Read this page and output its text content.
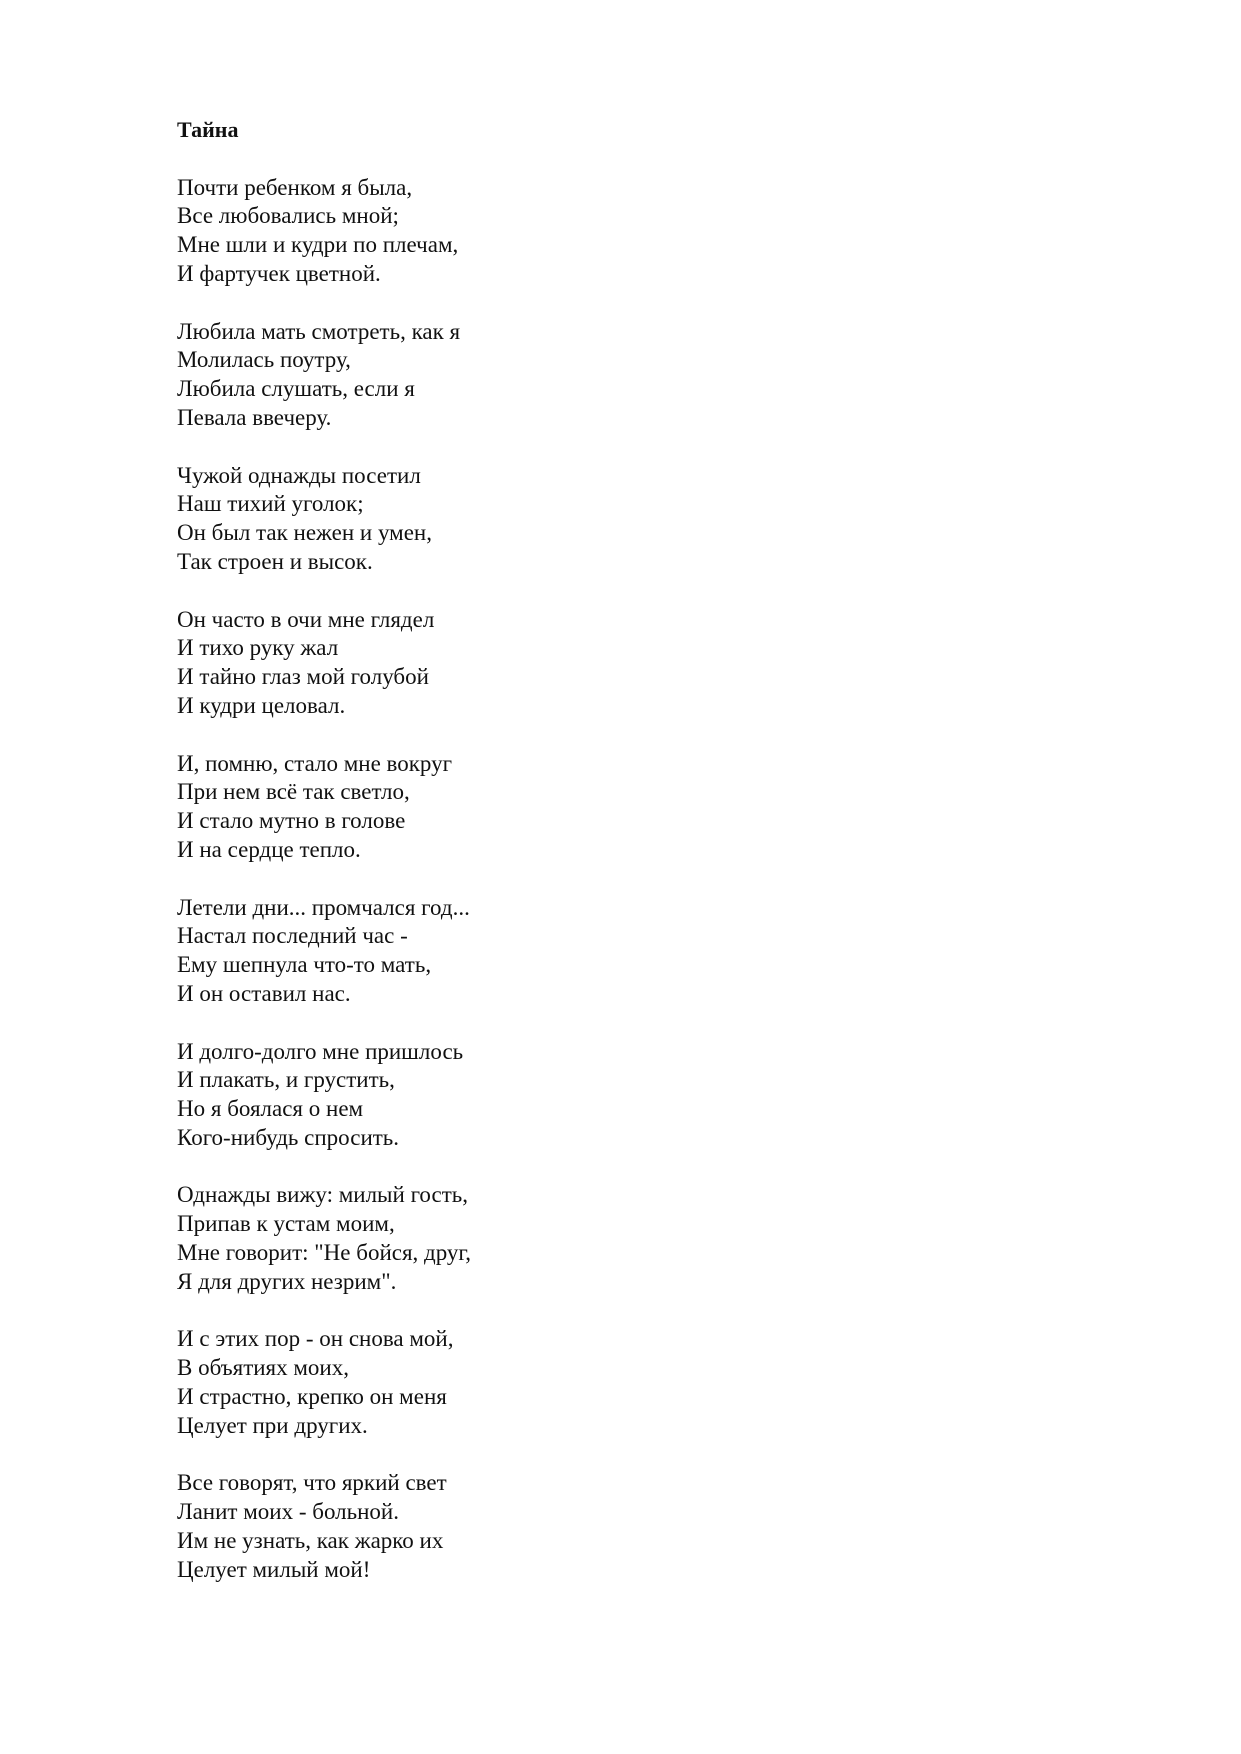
Тайна
Почти ребенком я была,
Все любовались мной;
Мне шли и кудри по плечам,
И фартучек цветной.
Любила мать смотреть, как я
Молилась поутру,
Любила слушать, если я
Певала ввечеру.
Чужой однажды посетил
Наш тихий уголок;
Он был так нежен и умен,
Так строен и высок.
Он часто в очи мне глядел
И тихо руку жал
И тайно глаз мой голубой
И кудри целовал.
И, помню, стало мне вокруг
При нем всё так светло,
И стало мутно в голове
И на сердце тепло.
Летели дни... промчался год...
Настал последний час -
Ему шепнула что-то мать,
И он оставил нас.
И долго-долго мне пришлось
И плакать, и грустить,
Но я боялася о нем
Кого-нибудь спросить.
Однажды вижу: милый гость,
Припав к устам моим,
Мне говорит: "Не бойся, друг,
Я для других незрим".
И с этих пор - он снова мой,
В объятиях моих,
И страстно, крепко он меня
Целует при других.
Все говорят, что яркий свет
Ланит моих - больной.
Им не узнать, как жарко их
Целует милый мой!
